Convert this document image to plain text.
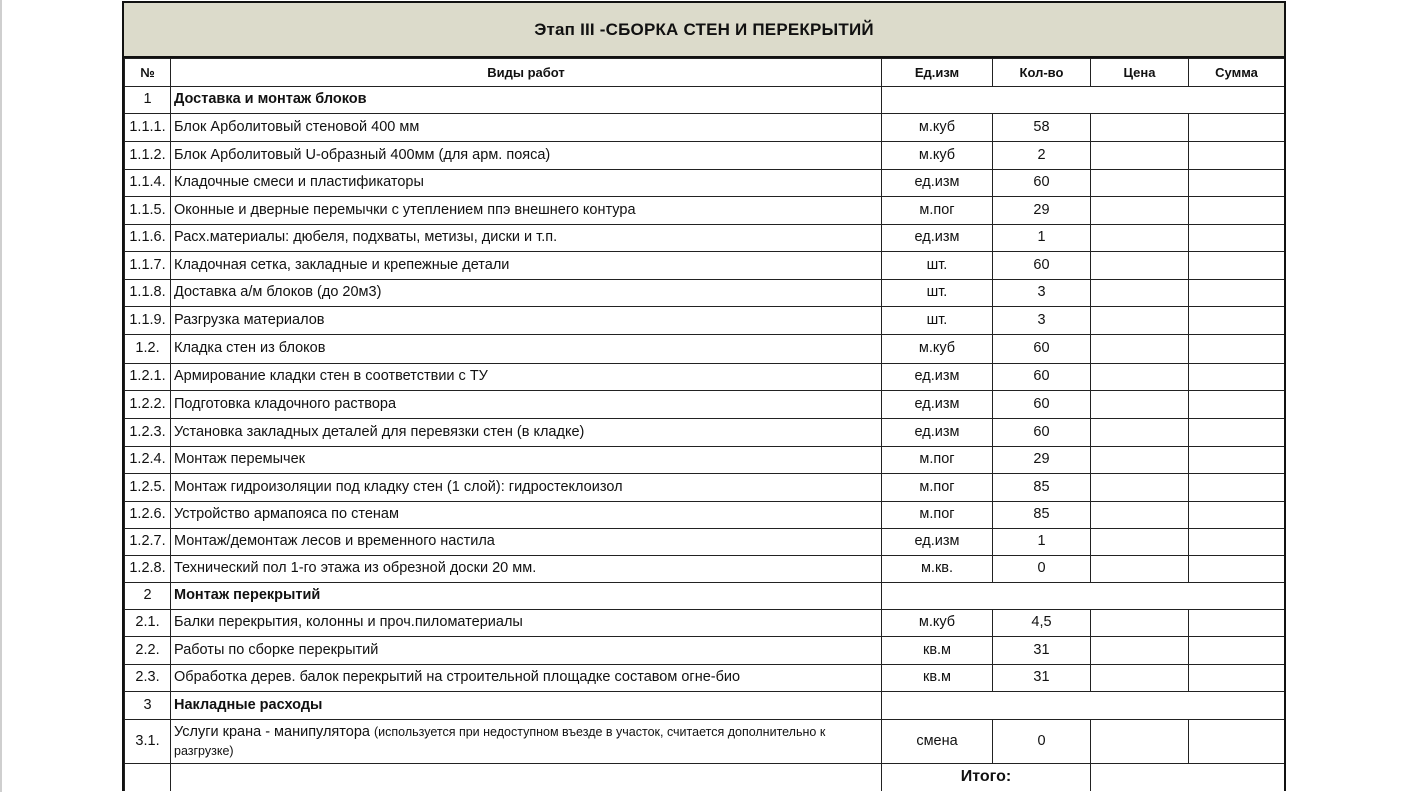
Этап III -СБОРКА СТЕН И ПЕРЕКРЫТИЙ
№	Виды работ	Ед.изм	Кол-во	Цена	Сумма
1	Доставка и монтаж блоков				
1.1.1.	Блок Арболитовый стеновой 400 мм	м.куб	58		
1.1.2.	Блок Арболитовый U-образный 400мм (для арм. пояса)	м.куб	2		
1.1.4.	Кладочные смеси и пластификаторы	ед.изм	60		
1.1.5.	Оконные и дверные перемычки с утеплением ппэ внешнего контура	м.пог	29		
1.1.6.	Расх.материалы: дюбеля, подхваты, метизы, диски и т.п.	ед.изм	1		
1.1.7.	Кладочная сетка, закладные и крепежные детали	шт.	60		
1.1.8.	Доставка а/м блоков (до 20м3)	шт.	3		
1.1.9.	Разгрузка материалов	шт.	3		
1.2.	Кладка стен из блоков	м.куб	60		
1.2.1.	Армирование кладки стен в соответствии с ТУ	ед.изм	60		
1.2.2.	Подготовка кладочного раствора	ед.изм	60		
1.2.3.	Установка закладных деталей для перевязки стен (в кладке)	ед.изм	60		
1.2.4.	Монтаж перемычек	м.пог	29		
1.2.5.	Монтаж гидроизоляции под кладку стен (1 слой): гидростеклоизол	м.пог	85		
1.2.6.	Устройство армапояса по стенам	м.пог	85		
1.2.7.	Монтаж/демонтаж лесов и временного настила	ед.изм	1		
1.2.8.	Технический пол 1-го этажа из обрезной доски 20 мм.	м.кв.	0		
2	Монтаж перекрытий				
2.1.	Балки перекрытия, колонны и проч.пиломатериалы	м.куб	4,5		
2.2.	Работы по сборке перекрытий	кв.м	31		
2.3.	Обработка дерев. балок перекрытий на строительной площадке составом огне-био	кв.м	31		
3	Накладные расходы				
3.1.	Услуги крана - манипулятора (используется при недоступном въезде в участок, считается дополнительно к разгрузке)	смена	0		
		Итого:			
